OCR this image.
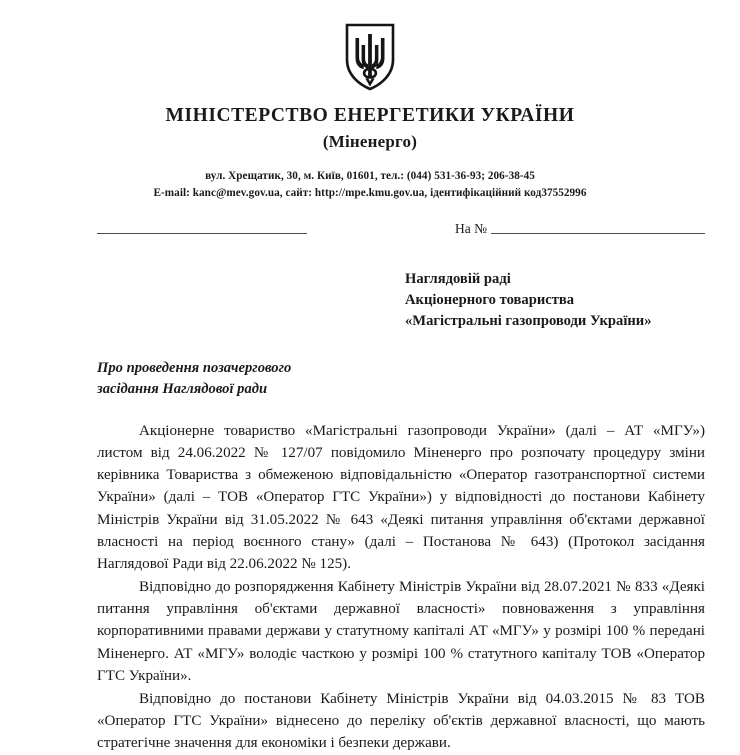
МІНІСТЕРСТВО ЕНЕРГЕТИКИ УКРАЇНИ
(Міненерго)
вул. Хрещатик, 30, м. Київ, 01601, тел.: (044) 531-36-93; 206-38-45
E-mail: kanc@mev.gov.ua, сайт: http://mpe.kmu.gov.ua, ідентифікаційний код37552996
На №
Наглядовій раді
Акціонерного товариства
«Магістральні газопроводи України»
Про проведення позачергового
засідання Наглядової ради

Акціонерне товариство «Магістральні газопроводи України» (далі – АТ «МГУ») листом від 24.06.2022 № 127/07 повідомило Міненерго про розпочату процедуру зміни керівника Товариства з обмеженою відповідальністю «Оператор газотранспортної системи України» (далі – ТОВ «Оператор ГТС України») у відповідності до постанови Кабінету Міністрів України від 31.05.2022 № 643 «Деякі питання управління об'єктами державної власності на період воєнного стану» (далі – Постанова № 643) (Протокол засідання Наглядової Ради від 22.06.2022 № 125).

Відповідно до розпорядження Кабінету Міністрів України від 28.07.2021 № 833 «Деякі питання управління об'єктами державної власності» повноваження з управління корпоративними правами держави у статутному капіталі АТ «МГУ» у розмірі 100 % передані Міненерго. АТ «МГУ» володіє часткою у розмірі 100 % статутного капіталу ТОВ «Оператор ГТС України».

Відповідно до постанови Кабінету Міністрів України від 04.03.2015 № 83 ТОВ «Оператор ГТС України» віднесено до переліку об'єктів державної власності, що мають стратегічне значення для економіки і безпеки держави.
